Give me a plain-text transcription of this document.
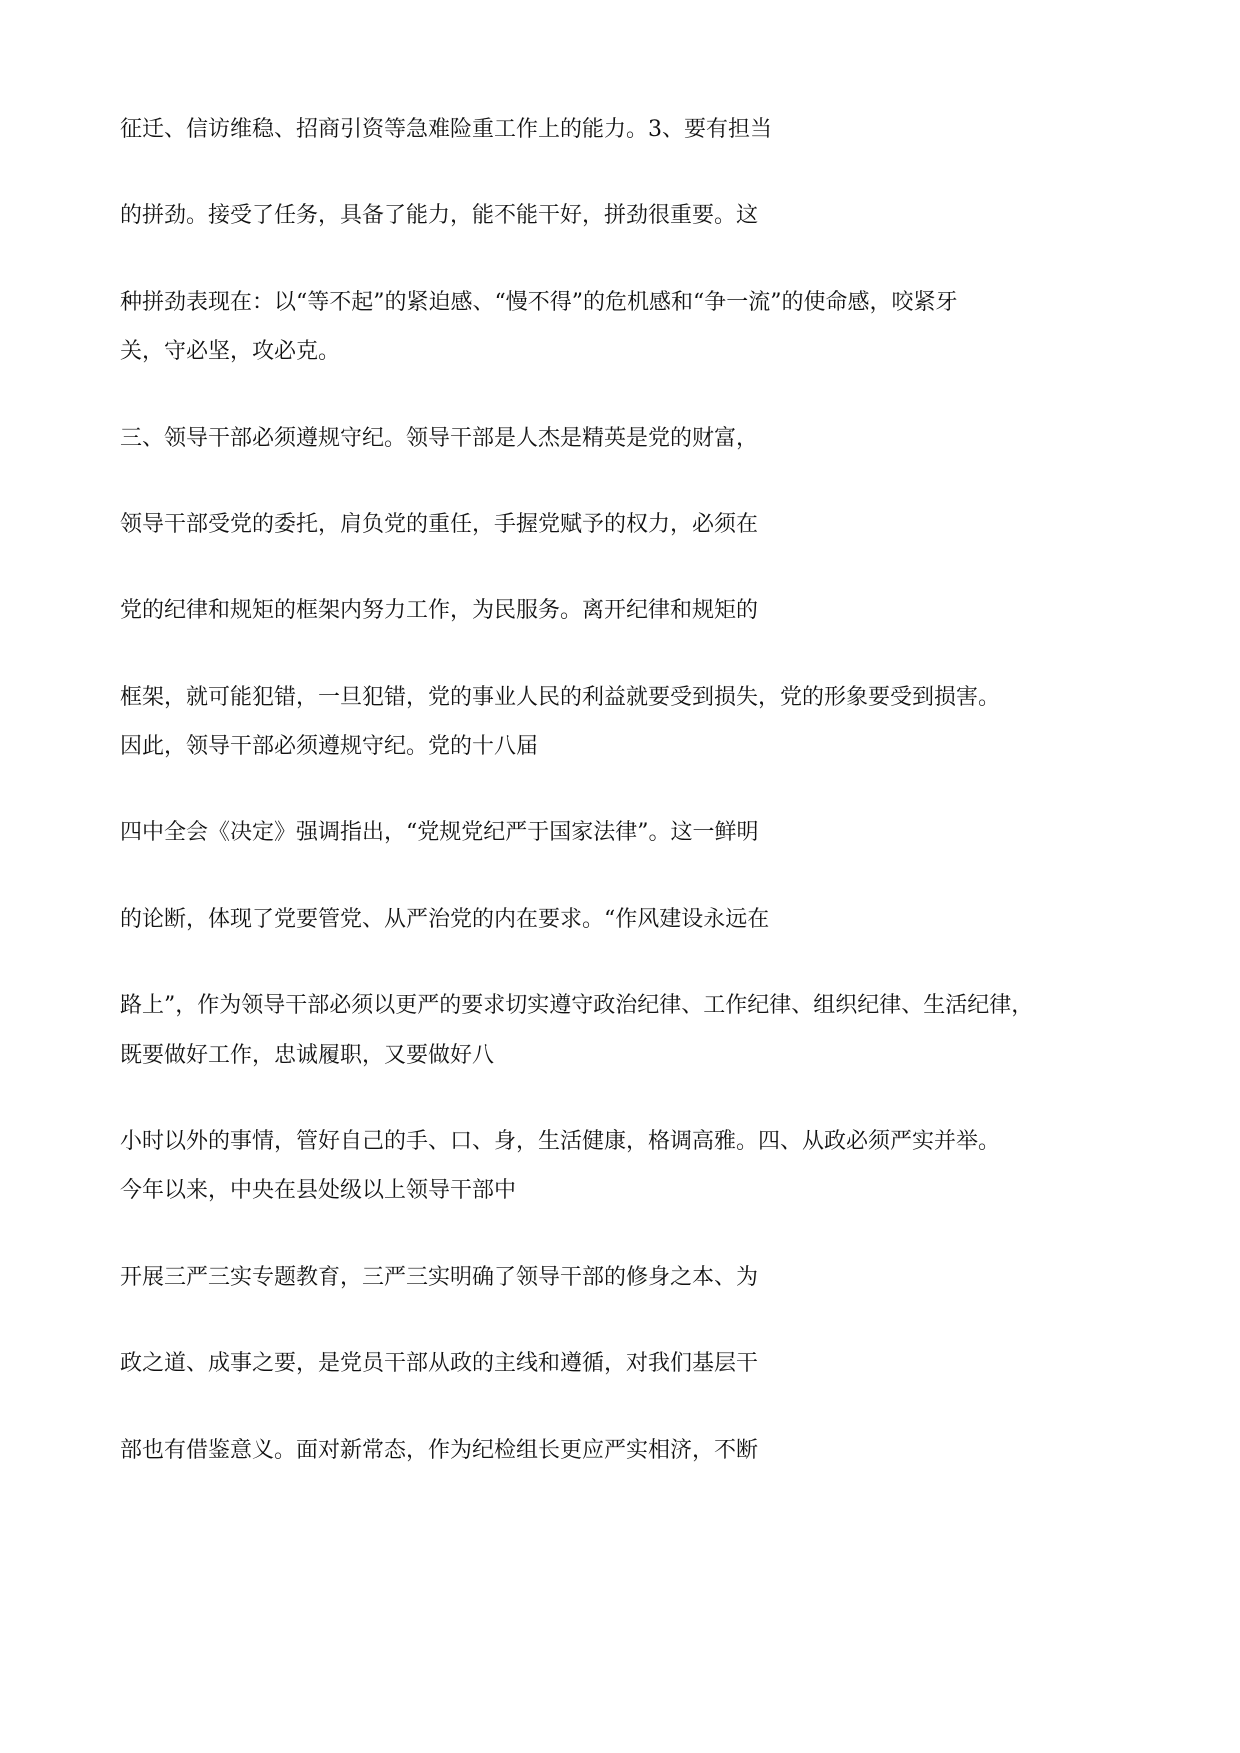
征迁、信访维稳、招商引资等急难险重工作上的能力。3、要有担当

的拼劲。接受了任务，具备了能力，能不能干好，拼劲很重要。这

种拼劲表现在：以“等不起”的紧迫感、“慢不得”的危机感和“争一流”的使命感，咬紧牙

关，守必坚，攻必克。

三、领导干部必须遵规守纪。领导干部是人杰是精英是党的财富，

领导干部受党的委托，肩负党的重任，手握党赋予的权力，必须在

党的纪律和规矩的框架内努力工作，为民服务。离开纪律和规矩的

框架，就可能犯错，一旦犯错，党的事业人民的利益就要受到损失，党的形象要受到损害。

因此，领导干部必须遵规守纪。党的十八届

四中全会《决定》强调指出，“党规党纪严于国家法律”。这一鲜明

的论断，体现了党要管党、从严治党的内在要求。“作风建设永远在

路上”，作为领导干部必须以更严的要求切实遵守政治纪律、工作纪律、组织纪律、生活纪律，

既要做好工作，忠诚履职，又要做好八

小时以外的事情，管好自己的手、口、身，生活健康，格调高雅。四、从政必须严实并举。

今年以来，中央在县处级以上领导干部中

开展三严三实专题教育，三严三实明确了领导干部的修身之本、为

政之道、成事之要，是党员干部从政的主线和遵循，对我们基层干

部也有借鉴意义。面对新常态，作为纪检组长更应严实相济，不断
